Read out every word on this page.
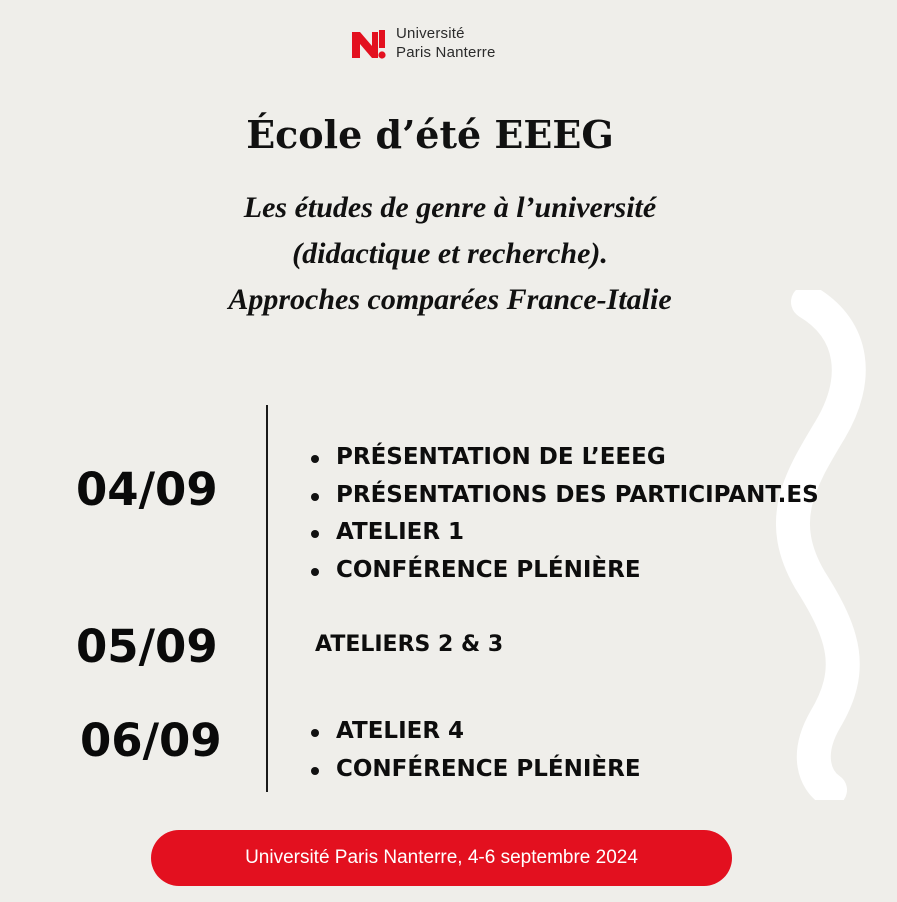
Université
Paris Nanterre
École d’été EEEG
Les études de genre à l’université
(didactique et recherche).
Approches comparées France-Italie
04/09
PRÉSENTATION DE L’EEEG
PRÉSENTATIONS DES PARTICIPANT.ES
ATELIER 1
CONFÉRENCE PLÉNIÈRE
05/09	ATELIERS 2 & 3
06/09	ATELIER 4
CONFÉRENCE PLÉNIÈRE
Université Paris Nanterre, 4-6 septembre 2024
